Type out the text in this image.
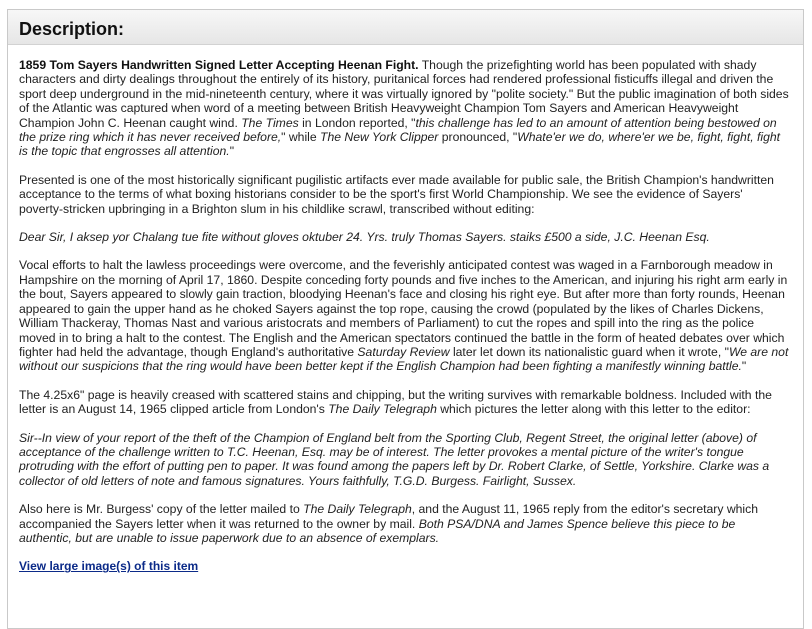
Description:

1859 Tom Sayers Handwritten Signed Letter Accepting Heenan Fight. Though the prizefighting world has been populated with shady characters and dirty dealings throughout the entirely of its history, puritanical forces had rendered professional fisticuffs illegal and driven the sport deep underground in the mid-nineteenth century, where it was virtually ignored by "polite society." But the public imagination of both sides of the Atlantic was captured when word of a meeting between British Heavyweight Champion Tom Sayers and American Heavyweight Champion John C. Heenan caught wind. The Times in London reported, "this challenge has led to an amount of attention being bestowed on the prize ring which it has never received before," while The New York Clipper pronounced, "Whate'er we do, where'er we be, fight, fight, fight is the topic that engrosses all attention."

Presented is one of the most historically significant pugilistic artifacts ever made available for public sale, the British Champion's handwritten acceptance to the terms of what boxing historians consider to be the sport's first World Championship. We see the evidence of Sayers' poverty-stricken upbringing in a Brighton slum in his childlike scrawl, transcribed without editing:

Dear Sir, I aksep yor Chalang tue fite without gloves oktuber 24. Yrs. truly Thomas Sayers. staiks £500 a side, J.C. Heenan Esq.

Vocal efforts to halt the lawless proceedings were overcome, and the feverishly anticipated contest was waged in a Farnborough meadow in Hampshire on the morning of April 17, 1860. Despite conceding forty pounds and five inches to the American, and injuring his right arm early in the bout, Sayers appeared to slowly gain traction, bloodying Heenan's face and closing his right eye. But after more than forty rounds, Heenan appeared to gain the upper hand as he choked Sayers against the top rope, causing the crowd (populated by the likes of Charles Dickens, William Thackeray, Thomas Nast and various aristocrats and members of Parliament) to cut the ropes and spill into the ring as the police moved in to bring a halt to the contest. The English and the American spectators continued the battle in the form of heated debates over which fighter had held the advantage, though England's authoritative Saturday Review later let down its nationalistic guard when it wrote, "We are not without our suspicions that the ring would have been better kept if the English Champion had been fighting a manifestly winning battle."

The 4.25x6" page is heavily creased with scattered stains and chipping, but the writing survives with remarkable boldness. Included with the letter is an August 14, 1965 clipped article from London's The Daily Telegraph which pictures the letter along with this letter to the editor:

Sir--In view of your report of the theft of the Champion of England belt from the Sporting Club, Regent Street, the original letter (above) of acceptance of the challenge written to T.C. Heenan, Esq. may be of interest. The letter provokes a mental picture of the writer's tongue protruding with the effort of putting pen to paper. It was found among the papers left by Dr. Robert Clarke, of Settle, Yorkshire. Clarke was a collector of old letters of note and famous signatures. Yours faithfully, T.G.D. Burgess. Fairlight, Sussex.

Also here is Mr. Burgess' copy of the letter mailed to The Daily Telegraph, and the August 11, 1965 reply from the editor's secretary which accompanied the Sayers letter when it was returned to the owner by mail. Both PSA/DNA and James Spence believe this piece to be authentic, but are unable to issue paperwork due to an absence of exemplars.

View large image(s) of this item
